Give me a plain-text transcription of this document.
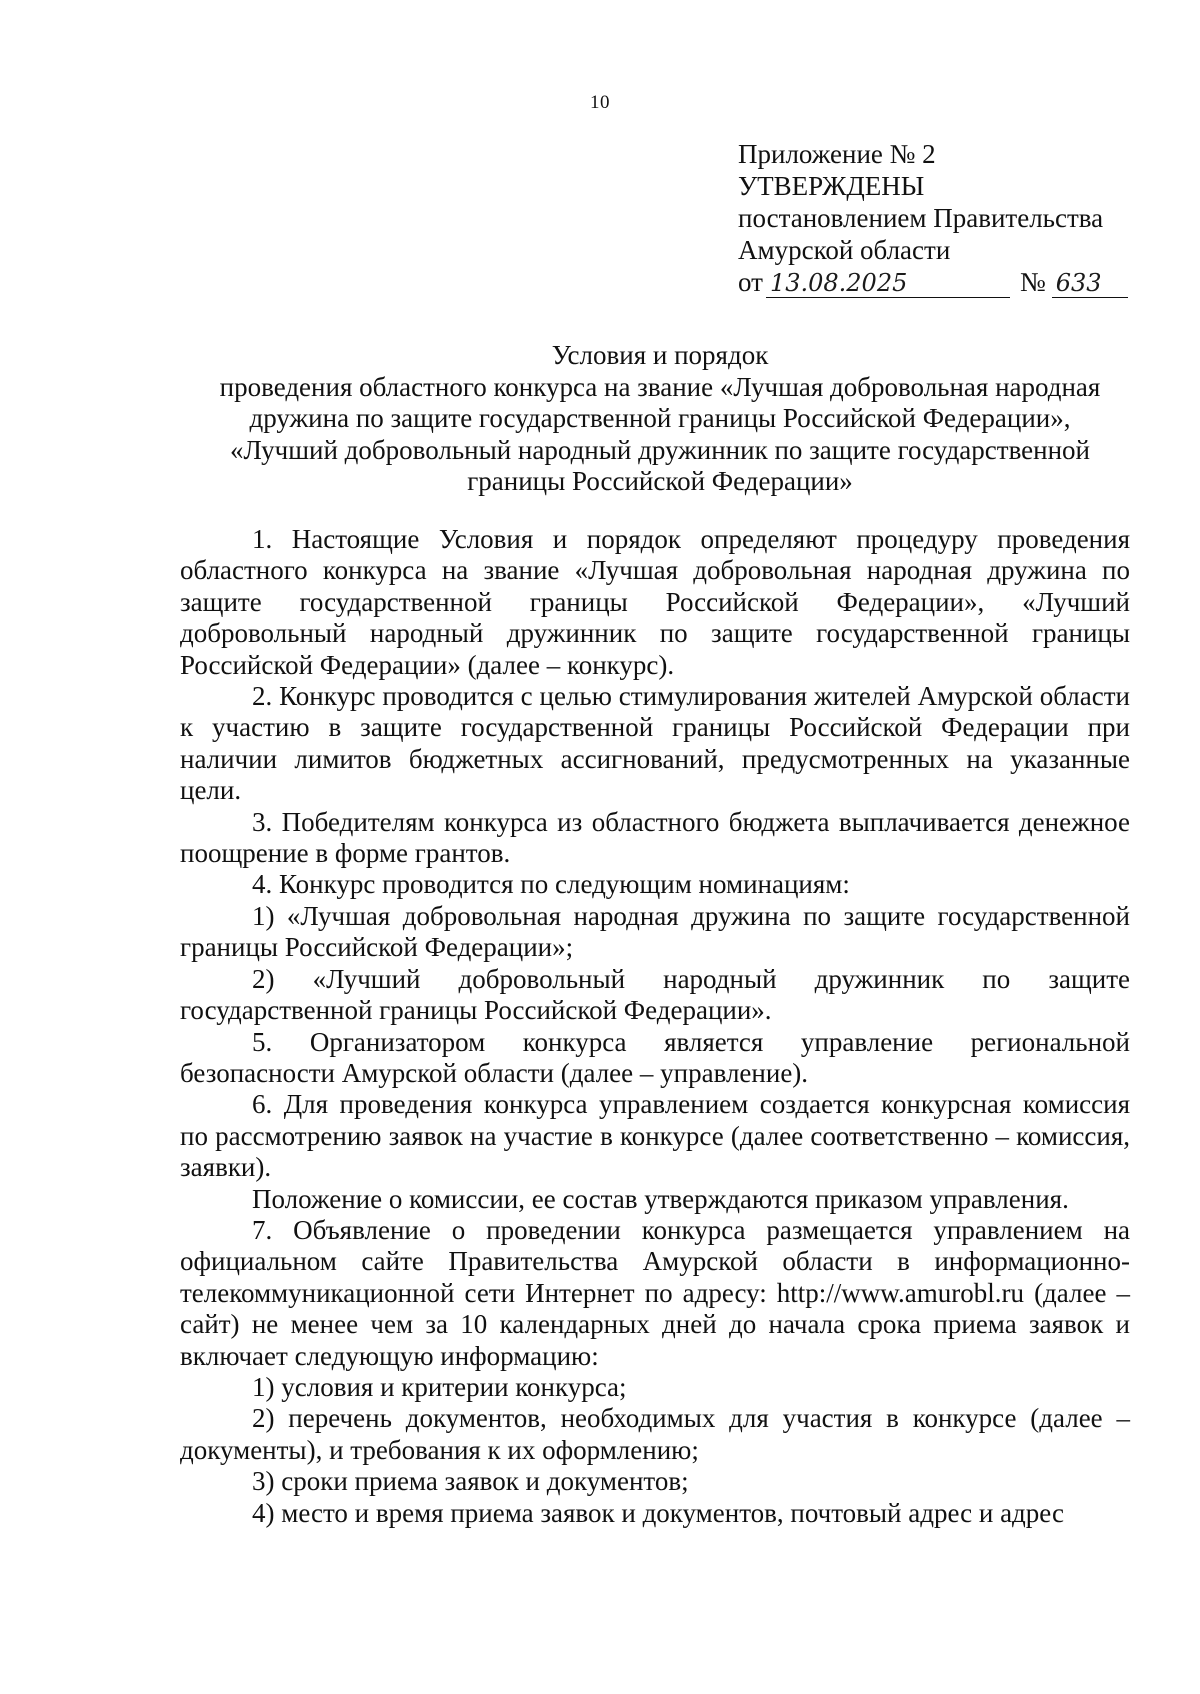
10
Приложение № 2
УТВЕРЖДЕНЫ
постановлением Правительства
Амурской области
от 13.08.2025	№ 633
Условия и порядок
проведения областного конкурса на звание «Лучшая добровольная народная
дружина по защите государственной границы Российской Федерации»,
«Лучший добровольный народный дружинник по защите государственной
границы Российской Федерации»

1. Настоящие Условия и порядок определяют процедуру проведения областного конкурса на звание «Лучшая добровольная народная дружина по защите государственной границы Российской Федерации», «Лучший добровольный народный дружинник по защите государственной границы Российской Федерации» (далее – конкурс).

2. Конкурс проводится с целью стимулирования жителей Амурской области к участию в защите государственной границы Российской Федерации при наличии лимитов бюджетных ассигнований, предусмотренных на указанные цели.

3. Победителям конкурса из областного бюджета выплачивается денежное поощрение в форме грантов.

4. Конкурс проводится по следующим номинациям:

1) «Лучшая добровольная народная дружина по защите государственной границы Российской Федерации»;

2) «Лучший добровольный народный дружинник по защите государственной границы Российской Федерации».

5. Организатором конкурса является управление региональной безопасности Амурской области (далее – управление).

6. Для проведения конкурса управлением создается конкурсная комиссия по рассмотрению заявок на участие в конкурсе (далее соответственно – комиссия, заявки).

Положение о комиссии, ее состав утверждаются приказом управления.

7. Объявление о проведении конкурса размещается управлением на официальном сайте Правительства Амурской области в информационно-телекоммуникационной сети Интернет по адресу: http://www.amurobl.ru (далее – сайт) не менее чем за 10 календарных дней до начала срока приема заявок и включает следующую информацию:

1) условия и критерии конкурса;

2) перечень документов, необходимых для участия в конкурсе (далее – документы), и требования к их оформлению;

3) сроки приема заявок и документов;

4) место и время приема заявок и документов, почтовый адрес и адрес
